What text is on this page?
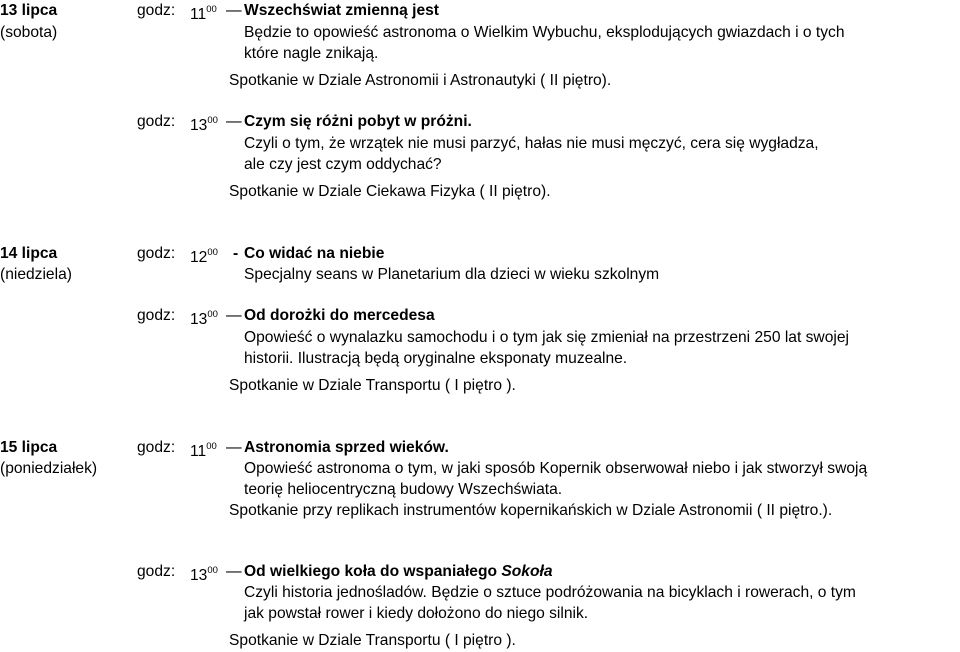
13 lipca
(sobota)
godz: $11^{00}$ — Wszechświat zmienną jest
Będzie to opowieść astronoma o Wielkim Wybuchu, eksplodujących gwiazdach i o tych
które nagle znikają.
Spotkanie w Dziale Astronomii i Astronautyki ( II piętro).
godz: $13^{00}$ — Czym się różni pobyt w próżni.
Czyli o tym, że wrzątek nie musi parzyć, hałas nie musi męczyć, cera się wygładza,
ale czy jest czym oddychać?
Spotkanie w Dziale Ciekawa Fizyka ( II piętro).
14 lipca
(niedziela)
godz: $12^{00}$ - Co widać na niebie
Specjalny seans w Planetarium dla dzieci w wieku szkolnym
godz: $13^{00}$ — Od dorożki do mercedesa
Opowieść o wynalazku samochodu i o tym jak się zmieniał na przestrzeni 250 lat swojej
historii. Ilustracją będą oryginalne eksponaty muzealne.
Spotkanie w Dziale Transportu ( I piętro ).
15 lipca
(poniedziałek)
godz: $11^{00}$ — Astronomia sprzed wieków.
Opowieść astronoma o tym, w jaki sposób Kopernik obserwował niebo i jak stworzył swoją
teorię heliocentryczną budowy Wszechświata.
Spotkanie przy replikach instrumentów kopernikańskich w Dziale Astronomii ( II piętro.).
godz: $13^{00}$ — Od wielkiego koła do wspaniałego Sokoła
Czyli historia jednośladów. Będzie o sztuce podróżowania na bicyklach i rowerach, o tym
jak powstał rower i kiedy dołożono do niego silnik.
Spotkanie w Dziale Transportu ( I piętro ).
